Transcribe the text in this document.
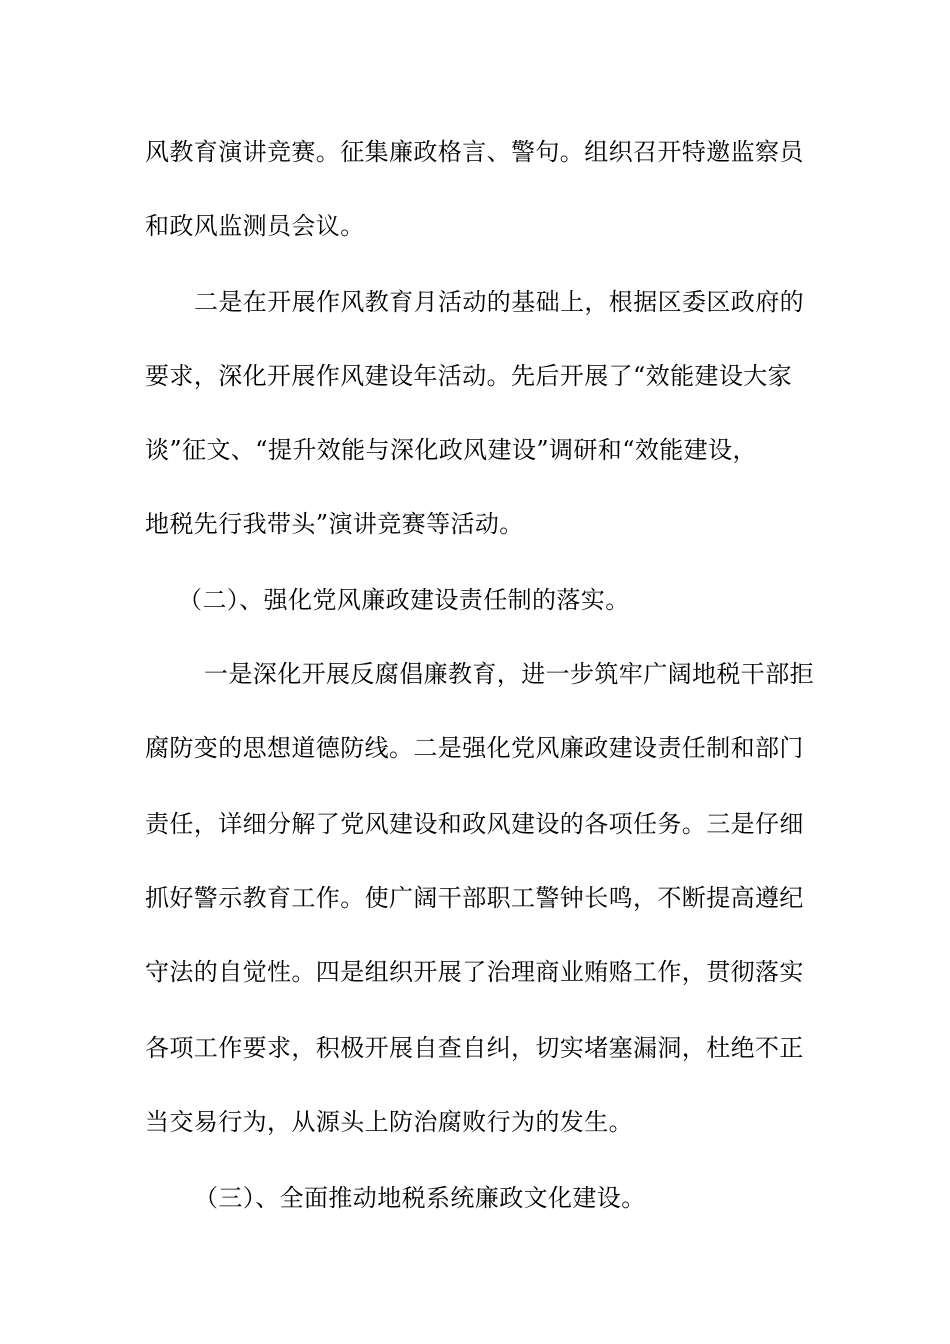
风教育演讲竞赛。征集廉政格言、警句。组织召开特邀监察员
和政风监测员会议。
二是在开展作风教育月活动的基础上，根据区委区政府的
要求，深化开展作风建设年活动。先后开展了“效能建设大家
谈”征文、“提升效能与深化政风建设”调研和“效能建设，
地税先行我带头”演讲竞赛等活动。
（二）、强化党风廉政建设责任制的落实。
一是深化开展反腐倡廉教育，进一步筑牢广阔地税干部拒
腐防变的思想道德防线。二是强化党风廉政建设责任制和部门
责任，详细分解了党风建设和政风建设的各项任务。三是仔细
抓好警示教育工作。使广阔干部职工警钟长鸣，不断提高遵纪
守法的自觉性。四是组织开展了治理商业贿赂工作，贯彻落实
各项工作要求，积极开展自查自纠，切实堵塞漏洞，杜绝不正
当交易行为，从源头上防治腐败行为的发生。
（三）、全面推动地税系统廉政文化建设。
